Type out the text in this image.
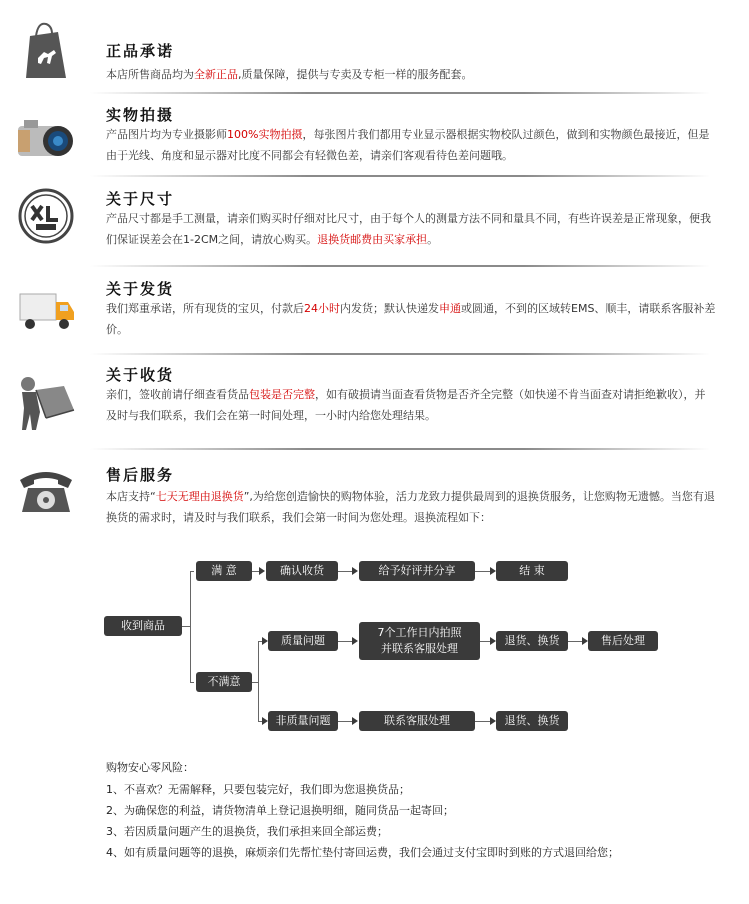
正品承诺
本店所售商品均为全新正品,质量保障，提供与专卖及专柜一样的服务配套。
实物拍摄
产品图片均为专业摄影师100%实物拍摄，每张图片我们都用专业显示器根据实物校队过颜色，做到和实物颜色最接近，但是由于光线、角度和显示器对比度不同都会有轻微色差，请亲们客观看待色差问题哦。
关于尺寸
产品尺寸都是手工测量，请亲们购买时仔细对比尺寸，由于每个人的测量方法不同和量具不同，有些许误差是正常现象，便我们保证误差会在1-2CM之间，请放心购买。退换货邮费由买家承担。
关于发货
我们郑重承诺，所有现货的宝贝，付款后24小时内发货；默认快递发申通或圆通，不到的区域转EMS、顺丰，请联系客服补差价。
关于收货
亲们，签收前请仔细查看货品包装是否完整，如有破损请当面查看货物是否齐全完整（如快递不肯当面查对请拒绝歉收），并及时与我们联系，我们会在第一时间处理，一小时内给您处理结果。
售后服务
本店支持“七天无理由退换货”,为给您创造愉快的购物体验，活力龙致力提供最周到的退换货服务，让您购物无遗憾。当您有退换货的需求时，请及时与我们联系，我们会第一时间为您处理。退换流程如下：
收到商品
满 意	确认收货	给予好评并分享	结 束
不满意
质量问题
7个工作日内拍照
并联系客服处理
退货、换货	售后处理
非质量问题	联系客服处理	退货、换货
购物安心零风险：
1、不喜欢？无需解释，只要包装完好，我们即为您退换货品；
2、为确保您的利益，请货物清单上登记退换明细，随同货品一起寄回；
3、若因质量问题产生的退换货，我们承担来回全部运费；
4、如有质量问题等的退换，麻烦亲们先帮忙垫付寄回运费，我们会通过支付宝即时到账的方式退回给您；
